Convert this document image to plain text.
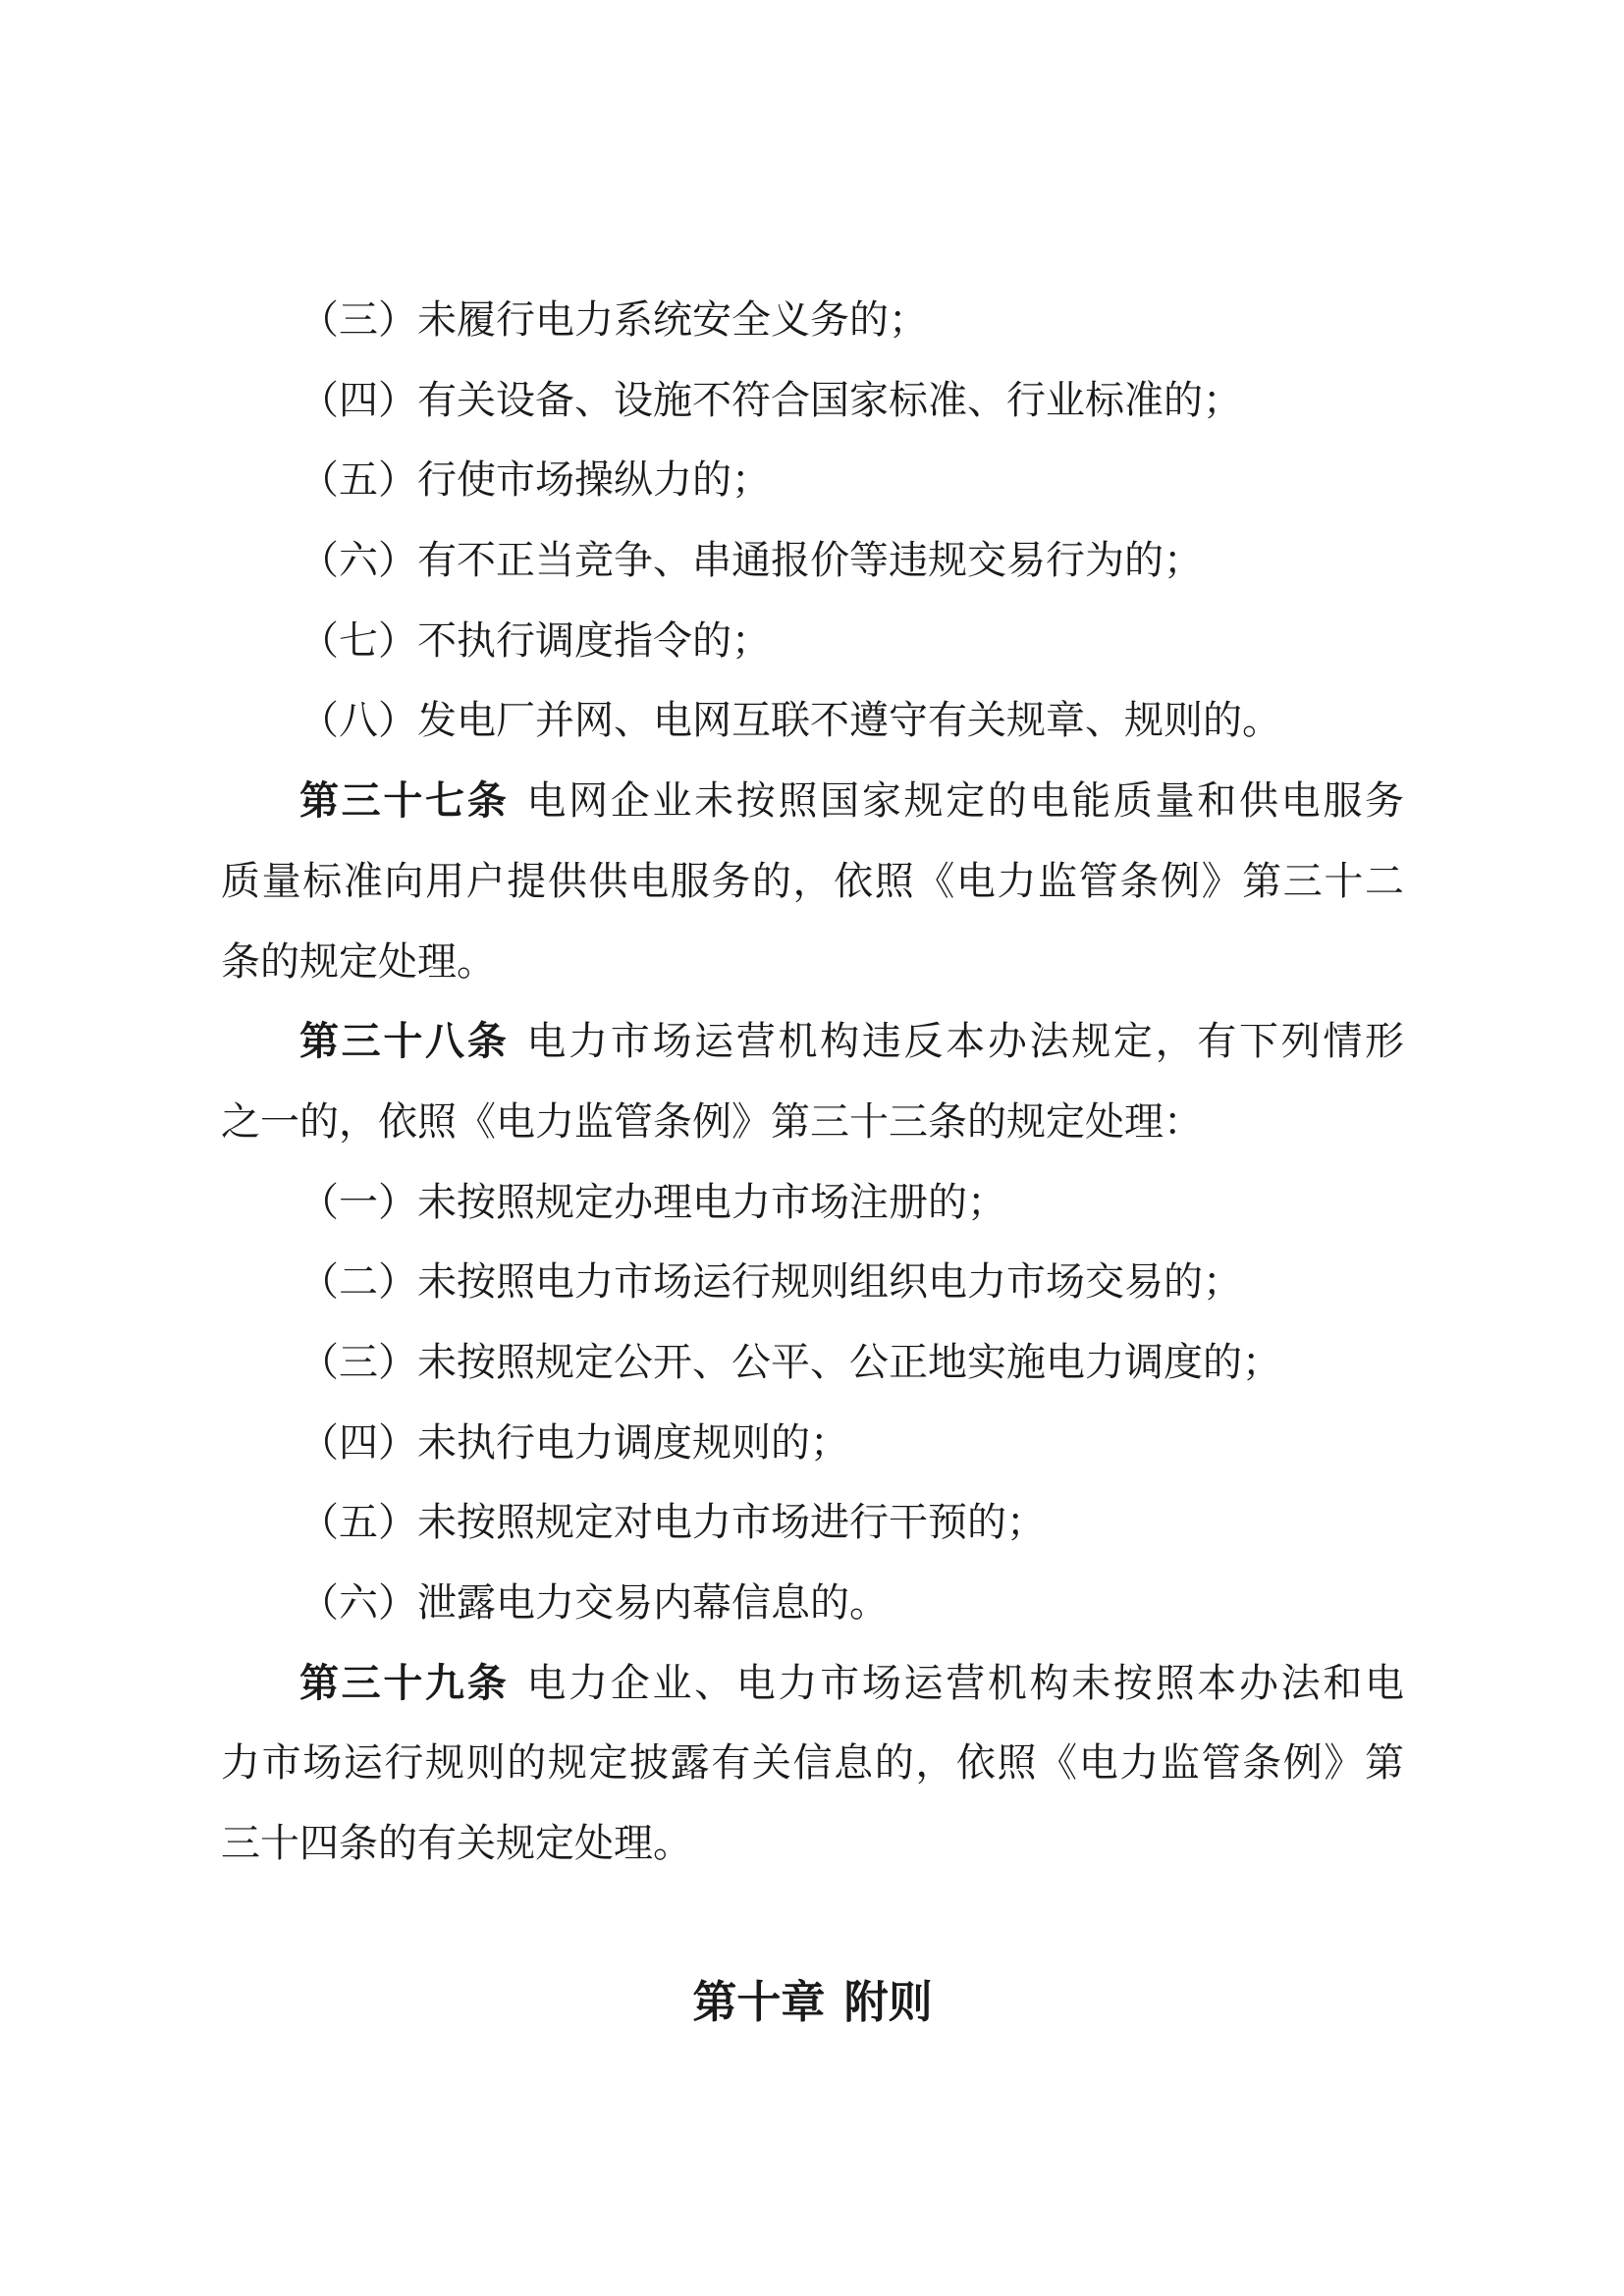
（三）未履行电力系统安全义务的；
（四）有关设备、设施不符合国家标准、行业标准的；
（五）行使市场操纵力的；
（六）有不正当竞争、串通报价等违规交易行为的；
（七）不执行调度指令的；
（八）发电厂并网、电网互联不遵守有关规章、规则的。
第三十七条 电网企业未按照国家规定的电能质量和供电服务
质量标准向用户提供供电服务的，依照《电力监管条例》第三十二
条的规定处理。
第三十八条 电力市场运营机构违反本办法规定，有下列情形
之一的，依照《电力监管条例》第三十三条的规定处理：
（一）未按照规定办理电力市场注册的；
（二）未按照电力市场运行规则组织电力市场交易的；
（三）未按照规定公开、公平、公正地实施电力调度的；
（四）未执行电力调度规则的；
（五）未按照规定对电力市场进行干预的；
（六）泄露电力交易内幕信息的。
第三十九条 电力企业、电力市场运营机构未按照本办法和电
力市场运行规则的规定披露有关信息的，依照《电力监管条例》第
三十四条的有关规定处理。
第十章 附则
